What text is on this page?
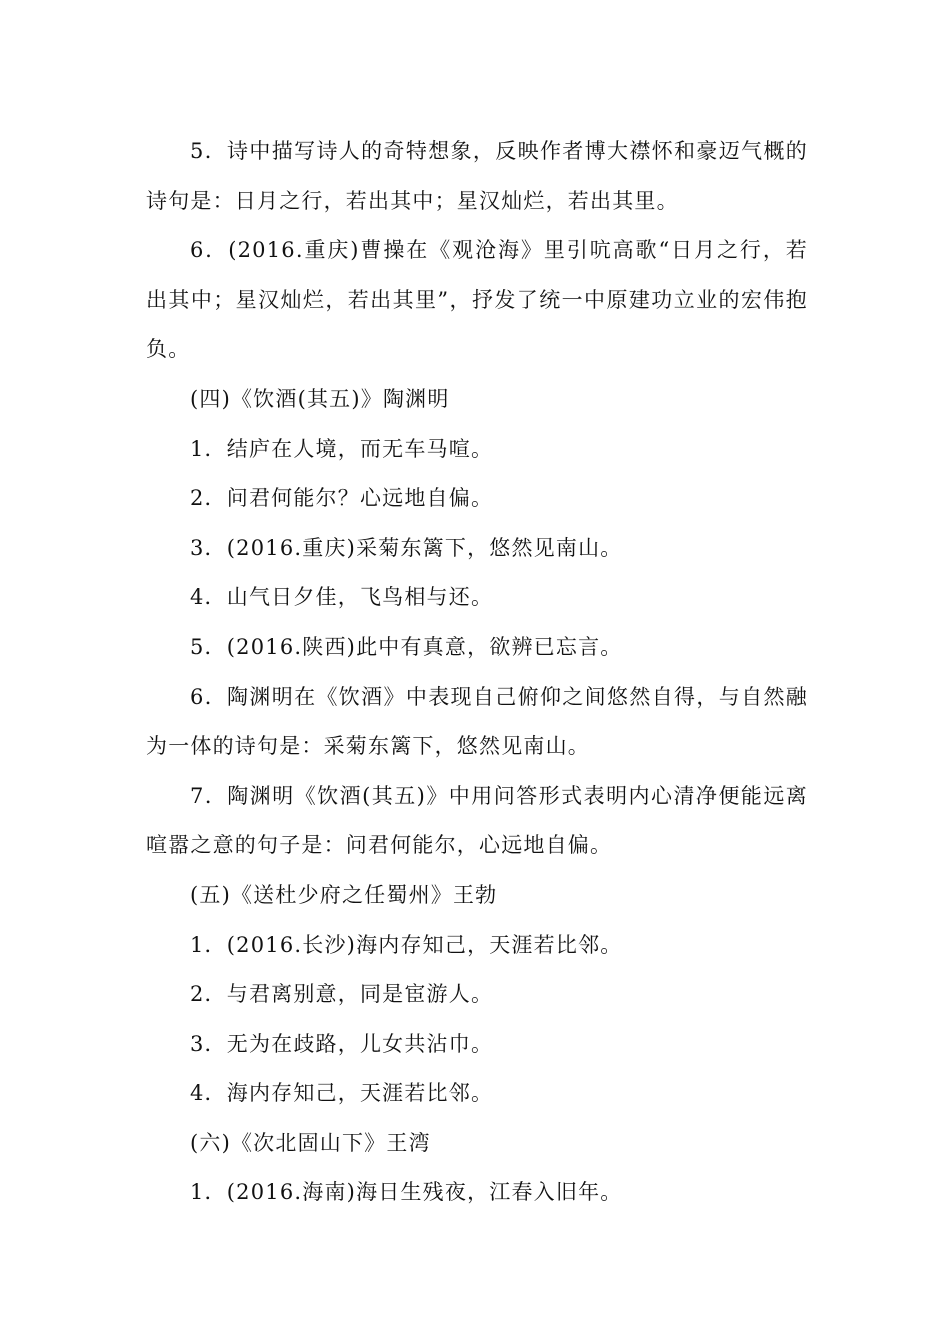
5．诗中描写诗人的奇特想象，反映作者博大襟怀和豪迈气概的诗句是：日月之行，若出其中；星汉灿烂，若出其里。

6．(2016.重庆)曹操在《观沧海》里引吭高歌“日月之行，若出其中；星汉灿烂，若出其里”，抒发了统一中原建功立业的宏伟抱负。

(四)《饮酒(其五)》陶渊明

1．结庐在人境，而无车马喧。

2．问君何能尔？心远地自偏。

3．(2016.重庆)采菊东篱下，悠然见南山。

4．山气日夕佳，飞鸟相与还。

5．(2016.陕西)此中有真意，欲辨已忘言。

6．陶渊明在《饮酒》中表现自己俯仰之间悠然自得，与自然融为一体的诗句是：采菊东篱下，悠然见南山。

7．陶渊明《饮酒(其五)》中用问答形式表明内心清净便能远离喧嚣之意的句子是：问君何能尔，心远地自偏。

(五)《送杜少府之任蜀州》王勃

1．(2016.长沙)海内存知己，天涯若比邻。

2．与君离别意，同是宦游人。

3．无为在歧路，儿女共沾巾。

4．海内存知己，天涯若比邻。

(六)《次北固山下》王湾

1．(2016.海南)海日生残夜，江春入旧年。
